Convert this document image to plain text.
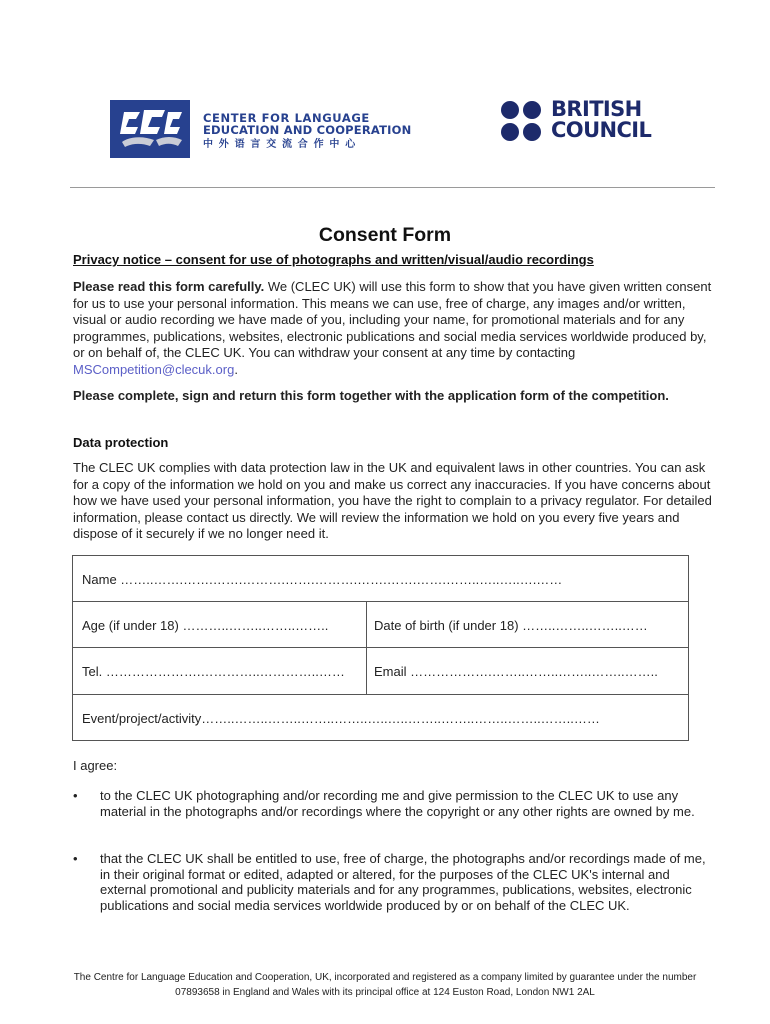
CENTER FOR LANGUAGE
EDUCATION AND COOPERATION
中外语言交流合作中心
BRITISH
COUNCIL
Consent Form
Privacy notice – consent for use of photographs and written/visual/audio recordings
Please read this form carefully. We (CLEC UK) will use this form to show that you have given written consent for us to use your personal information. This means we can use, free of charge, any images and/or written, visual or audio recording we have made of you, including your name, for promotional materials and for any programmes, publications, websites, electronic publications and social media services worldwide produced by, or on behalf of, the CLEC UK. You can withdraw your consent at any time by contacting MSCompetition@clecuk.org.
Please complete, sign and return this form together with the application form of the competition.
Data protection
The CLEC UK complies with data protection law in the UK and equivalent laws in other countries. You can ask for a copy of the information we hold on you and make us correct any inaccuracies. If you have concerns about how we have used your personal information, you have the right to complain to a privacy regulator. For detailed information, please contact us directly. We will review the information we hold on you every five years and dispose of it securely if we no longer need it.
Name ……..…….…….…….……….…….……….…….…….…….……..…..…..….……
Age (if under 18) ………..……..……..……..	Date of birth (if under 18) ……..……..……..……
Tel. ………………….…………..…………..…… Email ……………….……..……..……..……..……..
Event/project/activity……..……..……..……..……..…..…..……..……..……..……..……..……
I agree:
• to the CLEC UK photographing and/or recording me and give permission to the CLEC UK to use any material in the photographs and/or recordings where the copyright or any other rights are owned by me.
• that the CLEC UK shall be entitled to use, free of charge, the photographs and/or recordings made of me, in their original format or edited, adapted or altered, for the purposes of the CLEC UK's internal and external promotional and publicity materials and for any programmes, publications, websites, electronic publications and social media services worldwide produced by or on behalf of the CLEC UK.
The Centre for Language Education and Cooperation, UK, incorporated and registered as a company limited by guarantee under the number
07893658 in England and Wales with its principal office at 124 Euston Road, London NW1 2AL
